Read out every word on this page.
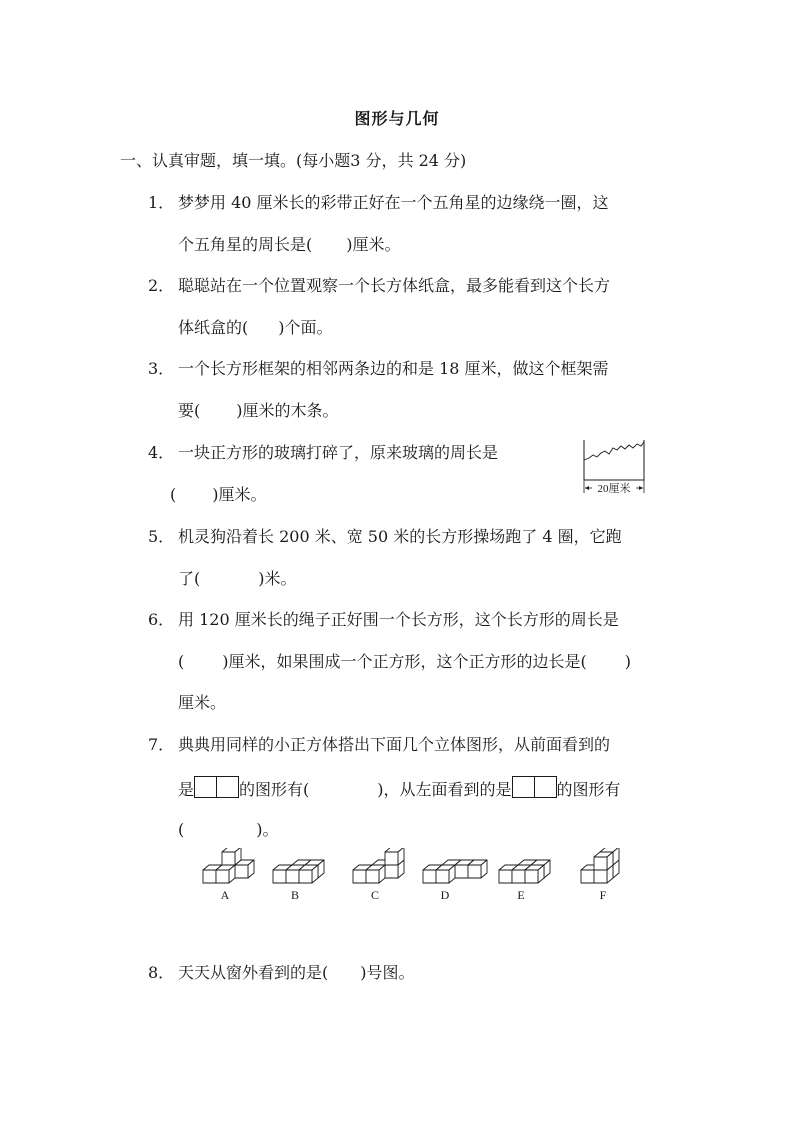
图形与几何
一、认真审题，填一填。(每小题3 分，共 24 分)
1． 梦梦用 40 厘米长的彩带正好在一个五角星的边缘绕一圈，这
个五角星的周长是( )厘米。
2． 聪聪站在一个位置观察一个长方体纸盒，最多能看到这个长方
体纸盒的( )个面。
3． 一个长方形框架的相邻两条边的和是 18 厘米，做这个框架需
要( )厘米的木条。
4． 一块正方形的玻璃打碎了，原来玻璃的周长是
( )厘米。	20厘米
5． 机灵狗沿着长 200 米、宽 50 米的长方形操场跑了 4 圈，它跑
了(	)米。
6． 用 120 厘米长的绳子正好围一个长方形，这个长方形的周长是
( )厘米，如果围成一个正方形，这个正方形的边长是( )
厘米。
7． 典典用同样的小正方体搭出下面几个立体图形，从前面看到的
是	的图形有(	)，从左面看到的是	的图形有
(	)。
A	B	C	D	E	F
8． 天天从窗外看到的是( )号图。
